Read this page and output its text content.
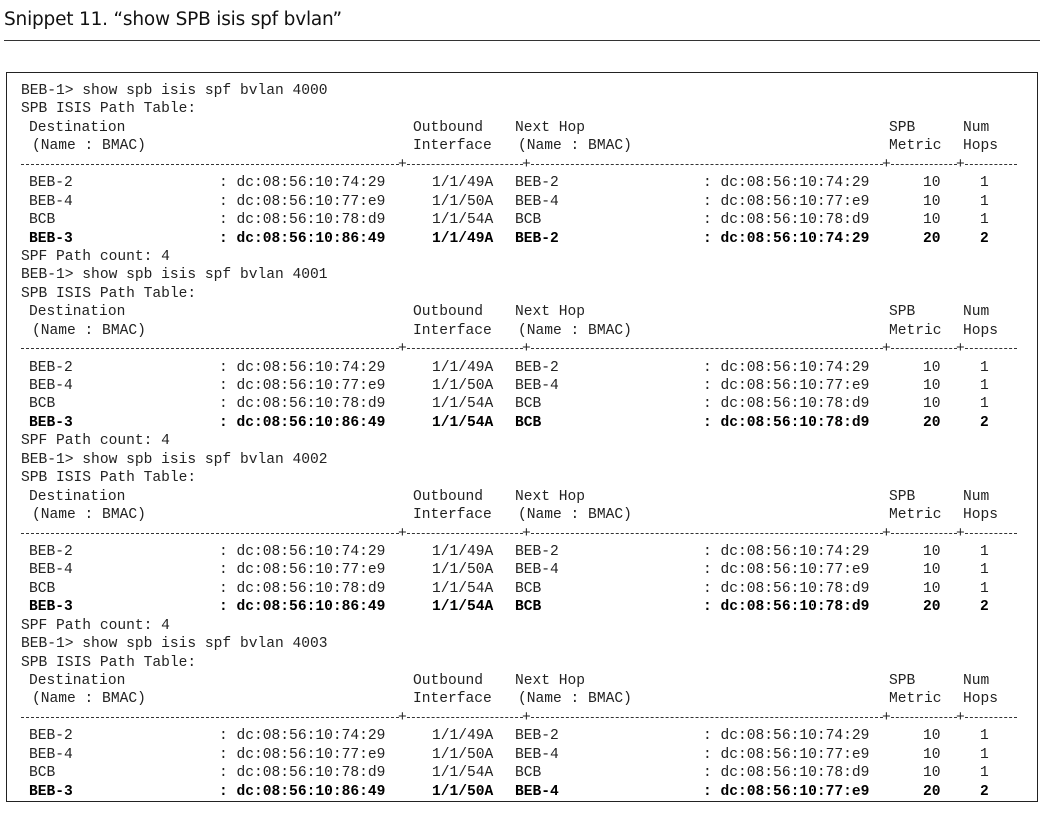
Snippet 11. “show SPB isis spf bvlan”
BEB-1> show spb isis spf bvlan 4000
SPB ISIS Path Table:
Destination	Outbound Next Hop	SPB	Num
(Name : BMAC)	Interface (Name : BMAC)	Metric Hops
+	+	+	+
BEB-2	: dc:08:56:10:74:29	1/1/49A BEB-2	: dc:08:56:10:74:29	10	1
BEB-4	: dc:08:56:10:77:e9	1/1/50A BEB-4	: dc:08:56:10:77:e9	10	1
BCB	: dc:08:56:10:78:d9	1/1/54A BCB	: dc:08:56:10:78:d9	10	1
BEB-3	: dc:08:56:10:86:49	1/1/49A BEB-2	: dc:08:56:10:74:29	20	2
SPF Path count: 4
BEB-1> show spb isis spf bvlan 4001
SPB ISIS Path Table:
Destination	Outbound Next Hop	SPB	Num
(Name : BMAC)	Interface (Name : BMAC)	Metric Hops
+	+	+	+
BEB-2	: dc:08:56:10:74:29	1/1/49A BEB-2	: dc:08:56:10:74:29	10	1
BEB-4	: dc:08:56:10:77:e9	1/1/50A BEB-4	: dc:08:56:10:77:e9	10	1
BCB	: dc:08:56:10:78:d9	1/1/54A BCB	: dc:08:56:10:78:d9	10	1
BEB-3	: dc:08:56:10:86:49	1/1/54A BCB	: dc:08:56:10:78:d9	20	2
SPF Path count: 4
BEB-1> show spb isis spf bvlan 4002
SPB ISIS Path Table:
Destination	Outbound Next Hop	SPB	Num
(Name : BMAC)	Interface (Name : BMAC)	Metric Hops
+	+	+	+
BEB-2	: dc:08:56:10:74:29	1/1/49A BEB-2	: dc:08:56:10:74:29	10	1
BEB-4	: dc:08:56:10:77:e9	1/1/50A BEB-4	: dc:08:56:10:77:e9	10	1
BCB	: dc:08:56:10:78:d9	1/1/54A BCB	: dc:08:56:10:78:d9	10	1
BEB-3	: dc:08:56:10:86:49	1/1/54A BCB	: dc:08:56:10:78:d9	20	2
SPF Path count: 4
BEB-1> show spb isis spf bvlan 4003
SPB ISIS Path Table:
Destination	Outbound Next Hop	SPB	Num
(Name : BMAC)	Interface (Name : BMAC)	Metric Hops
+	+	+	+
BEB-2	: dc:08:56:10:74:29	1/1/49A BEB-2	: dc:08:56:10:74:29	10	1
BEB-4	: dc:08:56:10:77:e9	1/1/50A BEB-4	: dc:08:56:10:77:e9	10	1
BCB	: dc:08:56:10:78:d9	1/1/54A BCB	: dc:08:56:10:78:d9	10	1
BEB-3	: dc:08:56:10:86:49	1/1/50A BEB-4	: dc:08:56:10:77:e9	20	2
